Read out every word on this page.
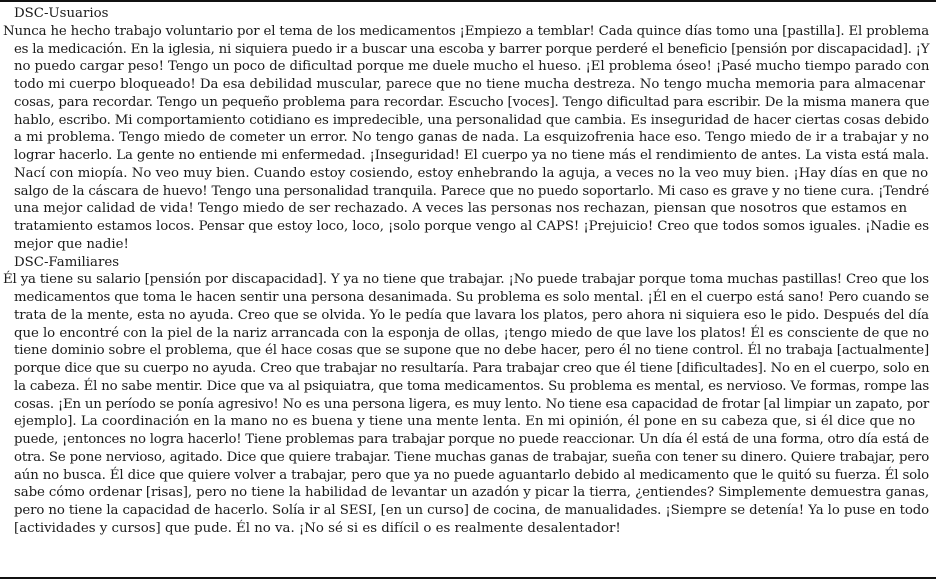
DSC-Usuarios
Nunca he hecho trabajo voluntario por el tema de los medicamentos ¡Empiezo a temblar! Cada quince días tomo una [pastilla]. El problema
es la medicación. En la iglesia, ni siquiera puedo ir a buscar una escoba y barrer porque perderé el beneficio [pensión por discapacidad]. ¡Y
no puedo cargar peso! Tengo un poco de dificultad porque me duele mucho el hueso. ¡El problema óseo! ¡Pasé mucho tiempo parado con
todo mi cuerpo bloqueado! Da esa debilidad muscular, parece que no tiene mucha destreza. No tengo mucha memoria para almacenar
cosas, para recordar. Tengo un pequeño problema para recordar. Escucho [voces]. Tengo dificultad para escribir. De la misma manera que
hablo, escribo. Mi comportamiento cotidiano es impredecible, una personalidad que cambia. Es inseguridad de hacer ciertas cosas debido
a mi problema. Tengo miedo de cometer un error. No tengo ganas de nada. La esquizofrenia hace eso. Tengo miedo de ir a trabajar y no
lograr hacerlo. La gente no entiende mi enfermedad. ¡Inseguridad! El cuerpo ya no tiene más el rendimiento de antes. La vista está mala.
Nací con miopía. No veo muy bien. Cuando estoy cosiendo, estoy enhebrando la aguja, a veces no la veo muy bien. ¡Hay días en que no
salgo de la cáscara de huevo! Tengo una personalidad tranquila. Parece que no puedo soportarlo. Mi caso es grave y no tiene cura. ¡Tendré
una mejor calidad de vida! Tengo miedo de ser rechazado. A veces las personas nos rechazan, piensan que nosotros que estamos en
tratamiento estamos locos. Pensar que estoy loco, loco, ¡solo porque vengo al CAPS! ¡Prejuicio! Creo que todos somos iguales. ¡Nadie es
mejor que nadie!
DSC-Familiares
Él ya tiene su salario [pensión por discapacidad]. Y ya no tiene que trabajar. ¡No puede trabajar porque toma muchas pastillas! Creo que los
medicamentos que toma le hacen sentir una persona desanimada. Su problema es solo mental. ¡Él en el cuerpo está sano! Pero cuando se
trata de la mente, esta no ayuda. Creo que se olvida. Yo le pedía que lavara los platos, pero ahora ni siquiera eso le pido. Después del día
que lo encontré con la piel de la nariz arrancada con la esponja de ollas, ¡tengo miedo de que lave los platos! Él es consciente de que no
tiene dominio sobre el problema, que él hace cosas que se supone que no debe hacer, pero él no tiene control. Él no trabaja [actualmente]
porque dice que su cuerpo no ayuda. Creo que trabajar no resultaría. Para trabajar creo que él tiene [dificultades]. No en el cuerpo, solo en
la cabeza. Él no sabe mentir. Dice que va al psiquiatra, que toma medicamentos. Su problema es mental, es nervioso. Ve formas, rompe las
cosas. ¡En un período se ponía agresivo! No es una persona ligera, es muy lento. No tiene esa capacidad de frotar [al limpiar un zapato, por
ejemplo]. La coordinación en la mano no es buena y tiene una mente lenta. En mi opinión, él pone en su cabeza que, si él dice que no
puede, ¡entonces no logra hacerlo! Tiene problemas para trabajar porque no puede reaccionar. Un día él está de una forma, otro día está de
otra. Se pone nervioso, agitado. Dice que quiere trabajar. Tiene muchas ganas de trabajar, sueña con tener su dinero. Quiere trabajar, pero
aún no busca. Él dice que quiere volver a trabajar, pero que ya no puede aguantarlo debido al medicamento que le quitó su fuerza. Él solo
sabe cómo ordenar [risas], pero no tiene la habilidad de levantar un azadón y picar la tierra, ¿entiendes? Simplemente demuestra ganas,
pero no tiene la capacidad de hacerlo. Solía ir al SESI, [en un curso] de cocina, de manualidades. ¡Siempre se detenía! Ya lo puse en todo
[actividades y cursos] que pude. Él no va. ¡No sé si es difícil o es realmente desalentador!
